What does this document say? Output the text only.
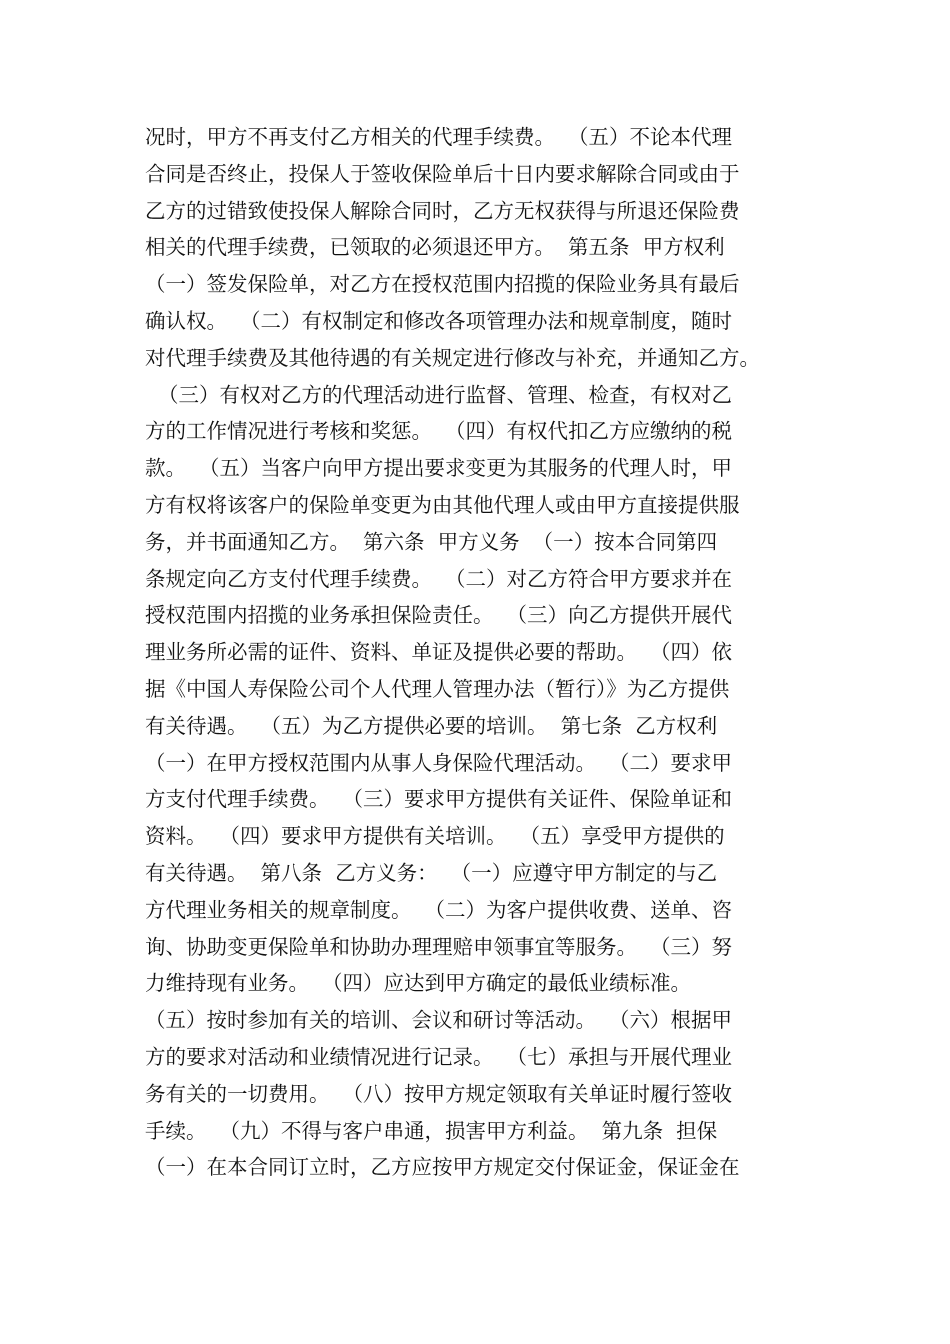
况时，甲方不再支付乙方相关的代理手续费。  （五）不论本代理
合同是否终止，投保人于签收保险单后十日内要求解除合同或由于
乙方的过错致使投保人解除合同时，乙方无权获得与所退还保险费
相关的代理手续费，已领取的必须退还甲方。  第五条  甲方权利
（一）签发保险单，对乙方在授权范围内招揽的保险业务具有最后
确认权。  （二）有权制定和修改各项管理办法和规章制度，随时
对代理手续费及其他待遇的有关规定进行修改与补充，并通知乙方。
（三）有权对乙方的代理活动进行监督、管理、检查，有权对乙
方的工作情况进行考核和奖惩。  （四）有权代扣乙方应缴纳的税
款。  （五）当客户向甲方提出要求变更为其服务的代理人时，甲
方有权将该客户的保险单变更为由其他代理人或由甲方直接提供服
务，并书面通知乙方。  第六条  甲方义务  （一）按本合同第四
条规定向乙方支付代理手续费。  （二）对乙方符合甲方要求并在
授权范围内招揽的业务承担保险责任。  （三）向乙方提供开展代
理业务所必需的证件、资料、单证及提供必要的帮助。  （四）依
据《中国人寿保险公司个人代理人管理办法（暂行）》为乙方提供
有关待遇。  （五）为乙方提供必要的培训。  第七条  乙方权利
（一）在甲方授权范围内从事人身保险代理活动。  （二）要求甲
方支付代理手续费。  （三）要求甲方提供有关证件、保险单证和
资料。  （四）要求甲方提供有关培训。  （五）享受甲方提供的
有关待遇。  第八条  乙方义务：  （一）应遵守甲方制定的与乙
方代理业务相关的规章制度。  （二）为客户提供收费、送单、咨
询、协助变更保险单和协助办理理赔申领事宜等服务。  （三）努
力维持现有业务。  （四）应达到甲方确定的最低业绩标准。
（五）按时参加有关的培训、会议和研讨等活动。  （六）根据甲
方的要求对活动和业绩情况进行记录。  （七）承担与开展代理业
务有关的一切费用。  （八）按甲方规定领取有关单证时履行签收
手续。  （九）不得与客户串通，损害甲方利益。  第九条  担保
（一）在本合同订立时，乙方应按甲方规定交付保证金，保证金在
